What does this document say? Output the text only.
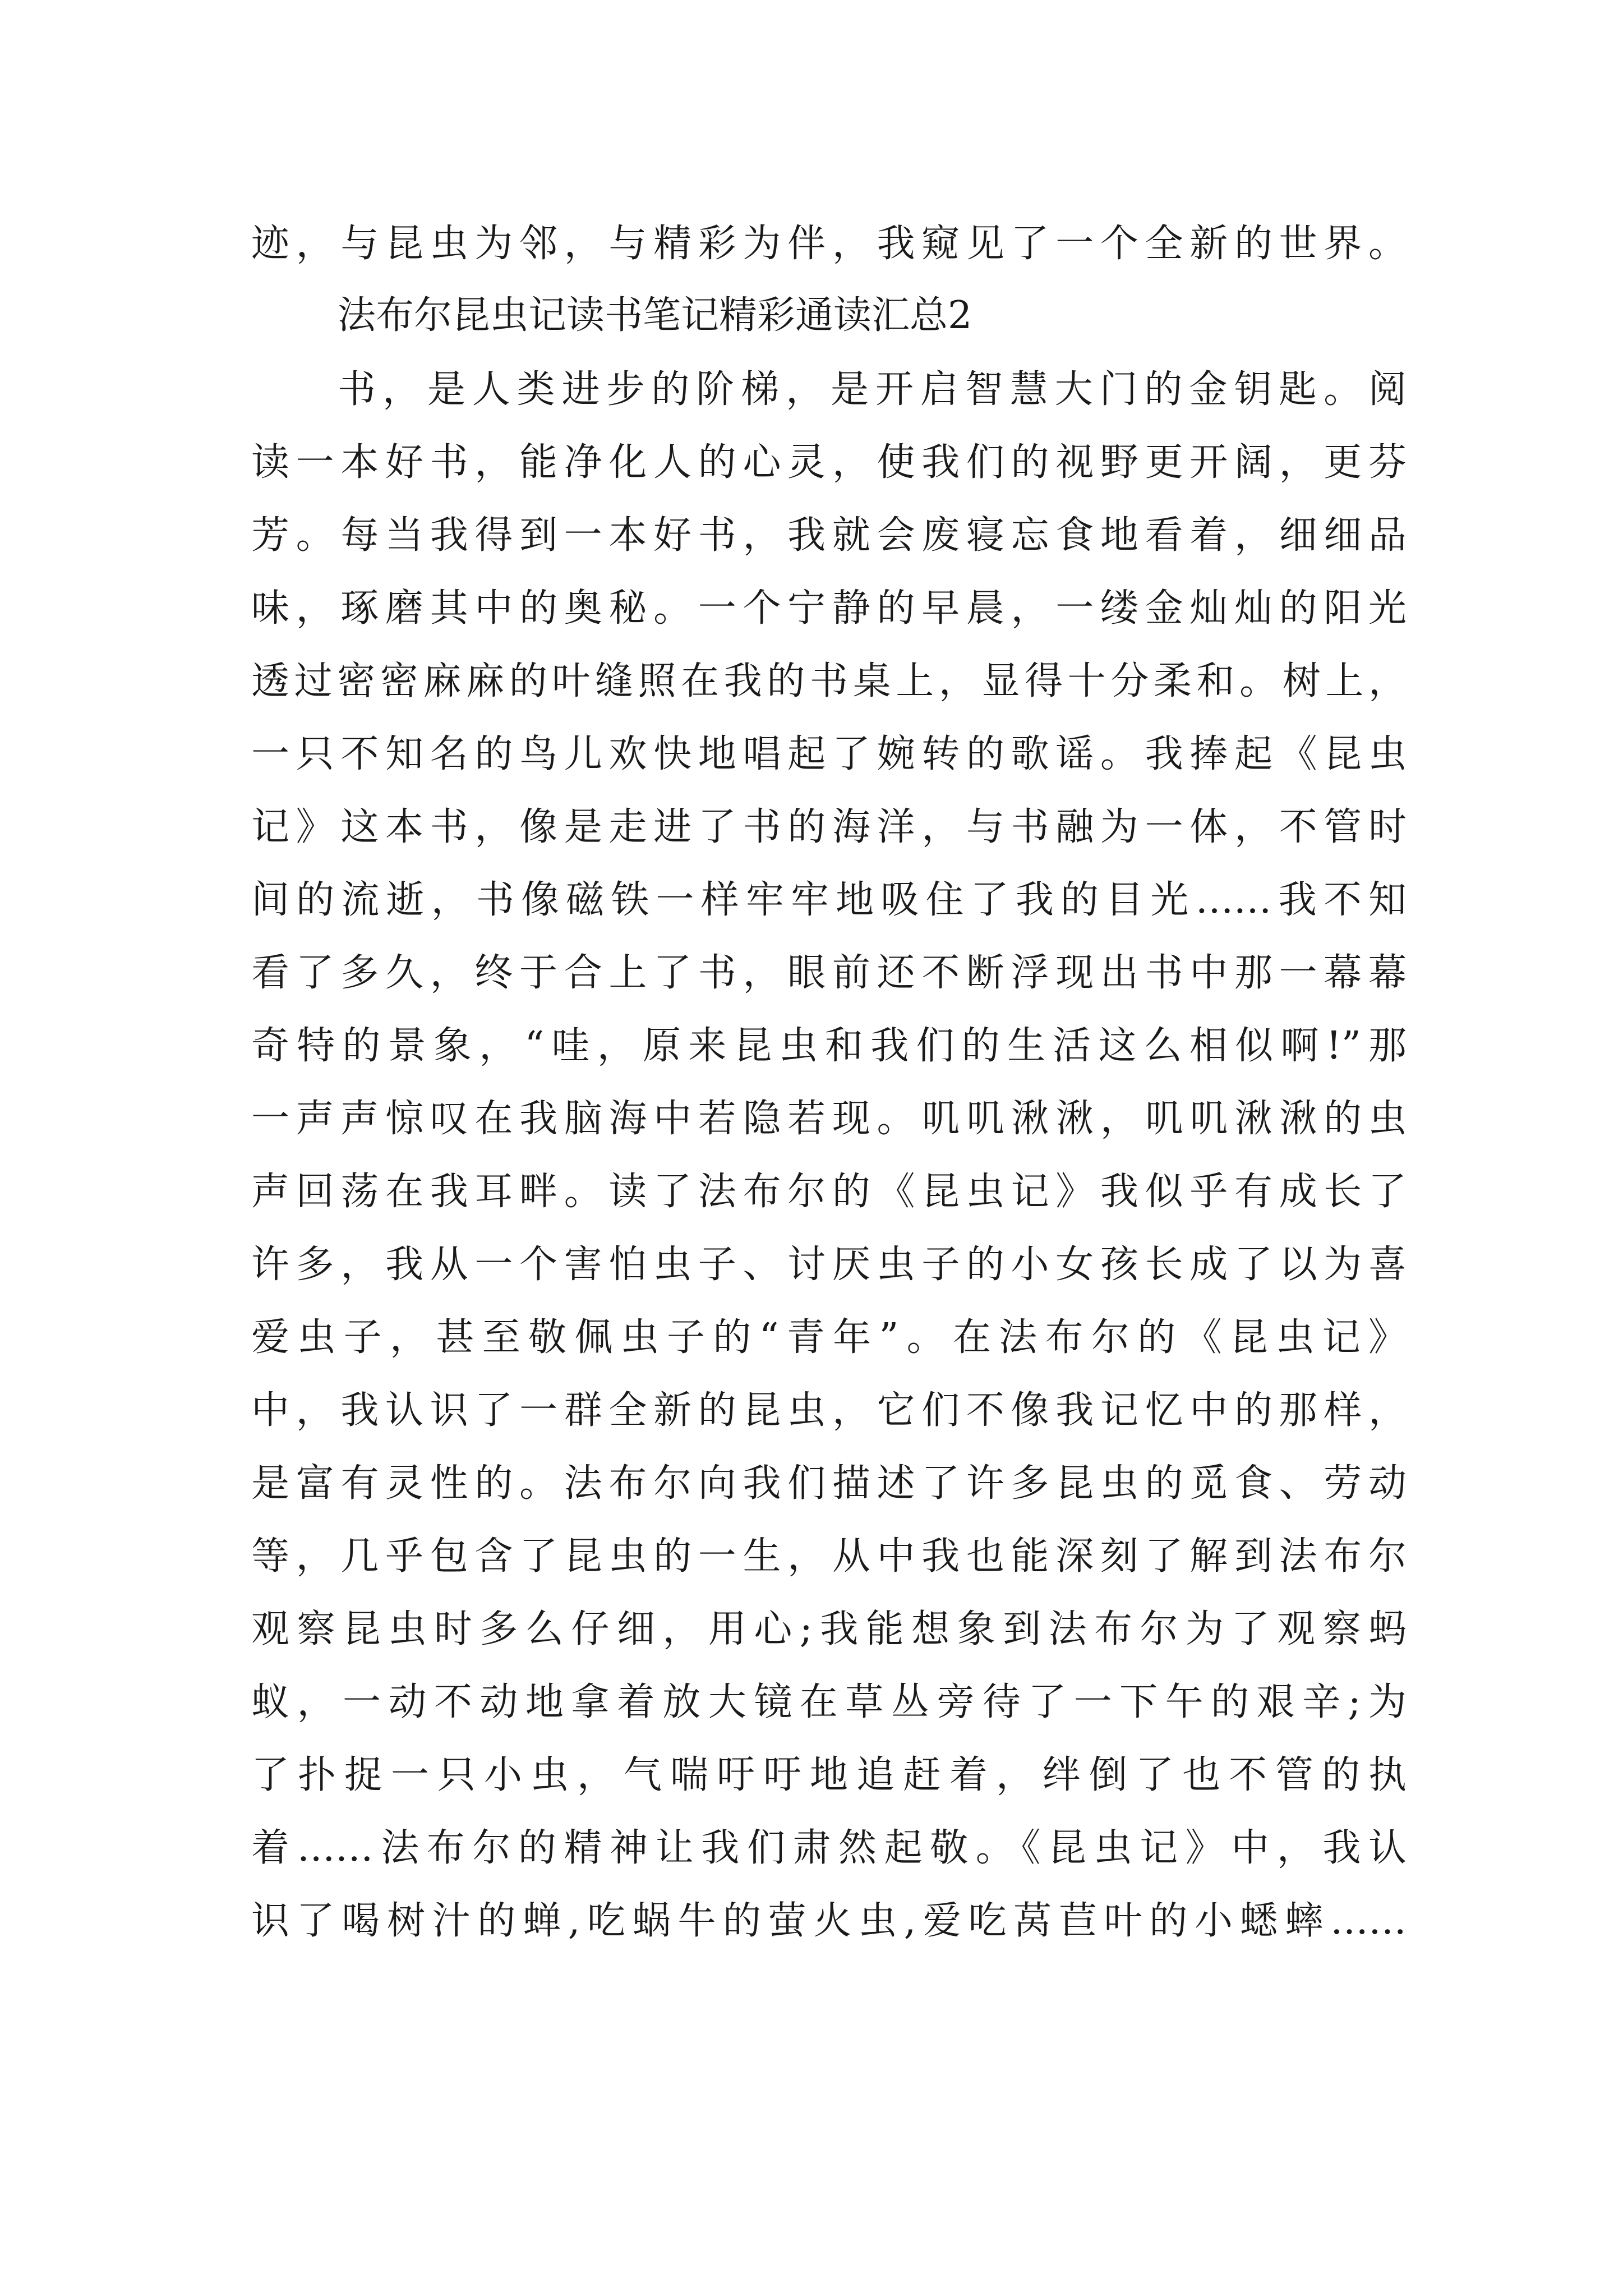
迹，与昆虫为邻，与精彩为伴，我窥见了一个全新的世界。
法布尔昆虫记读书笔记精彩通读汇总2
书，是人类进步的阶梯，是开启智慧大门的金钥匙。阅
读一本好书，能净化人的心灵，使我们的视野更开阔，更芬
芳。每当我得到一本好书，我就会废寝忘食地看着，细细品
味，琢磨其中的奥秘。一个宁静的早晨，一缕金灿灿的阳光
透过密密麻麻的叶缝照在我的书桌上，显得十分柔和。树上，
一只不知名的鸟儿欢快地唱起了婉转的歌谣。我捧起《昆虫
记》这本书，像是走进了书的海洋，与书融为一体，不管时
间的流逝，书像磁铁一样牢牢地吸住了我的目光……我不知
看了多久，终于合上了书，眼前还不断浮现出书中那一幕幕
奇特的景象，“哇，原来昆虫和我们的生活这么相似啊!”那
一声声惊叹在我脑海中若隐若现。叽叽湫湫，叽叽湫湫的虫
声回荡在我耳畔。读了法布尔的《昆虫记》我似乎有成长了
许多，我从一个害怕虫子、讨厌虫子的小女孩长成了以为喜
爱虫子，甚至敬佩虫子的“青年”。在法布尔的《昆虫记》
中，我认识了一群全新的昆虫，它们不像我记忆中的那样，
是富有灵性的。法布尔向我们描述了许多昆虫的觅食、劳动
等，几乎包含了昆虫的一生，从中我也能深刻了解到法布尔
观察昆虫时多么仔细，用心;我能想象到法布尔为了观察蚂
蚁，一动不动地拿着放大镜在草丛旁待了一下午的艰辛;为
了扑捉一只小虫，气喘吁吁地追赶着，绊倒了也不管的执
着……法布尔的精神让我们肃然起敬。《昆虫记》中，我认
识了喝树汁的蝉,吃蜗牛的萤火虫,爱吃莴苣叶的小蟋蟀……
